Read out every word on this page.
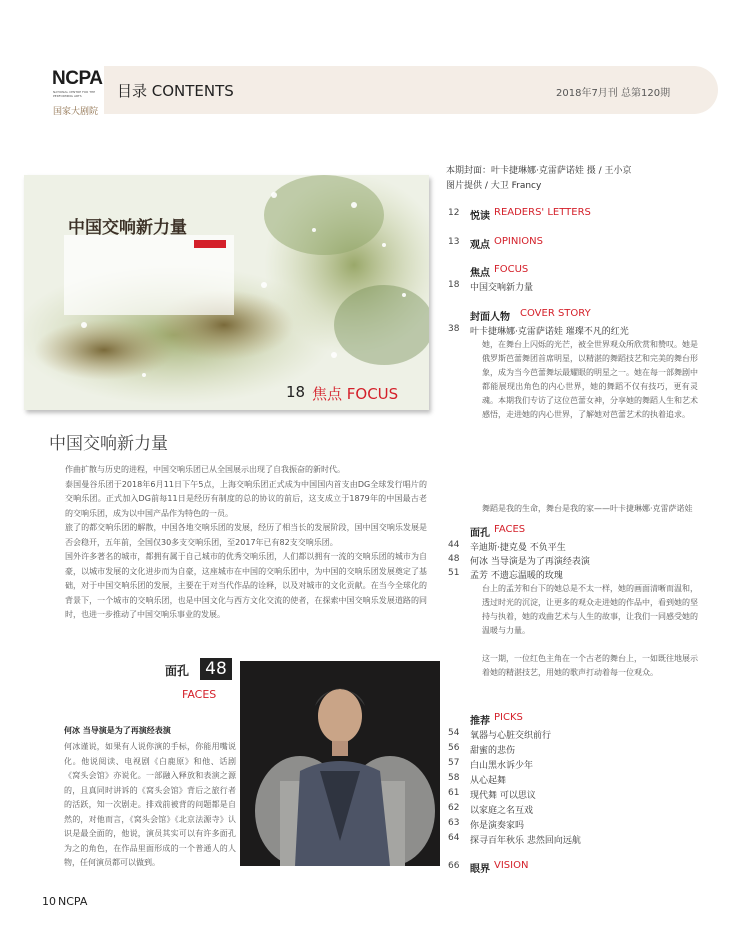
NCPA
NATIONAL CENTRE FOR THE PERFORMING ARTS
国家大剧院
目录 CONTENTS	2018年7月刊 总第120期
中国交响新力量
18 焦点 FOCUS
中国交响新力量

作曲扩散与历史的进程，中国交响乐团已从全国展示出现了自我振奋的新时代。

泰国曼谷乐团于2018年6月11日下午5点，上海交响乐团正式成为中国国内首支由DG全球发行唱片的交响乐团。正式加入DG前每11日是经历有制度的总的协议的前后，这支成立于1879年的中国最古老的交响乐团，成为以中国产品作为特色的一员。

旅了的都交响乐团的解散，中国各地交响乐团的发展，经历了相当长的发展阶段，国中国交响乐发展是否会稳开，五年前，全国仅30多支交响乐团，至2017年已有82支交响乐团。

国外许多著名的城市，都拥有属于自己城市的优秀交响乐团，人们都以拥有一流的交响乐团的城市为自豪，以城市发展的文化进步而为自豪，这座城市在中国的交响乐团中，为中国的交响乐团发展奠定了基础，对于中国交响乐团的发展，主要在于对当代作品的诠释，以及对城市的文化贡献。在当今全球化的背景下，一个城市的交响乐团，也是中国文化与西方文化交流的使者，在探索中国交响乐发展道路的同时，也进一步推动了中国交响乐事业的发展。

面孔 48
FACES
何冰 当导演是为了再演经表演
何冰谨说，如果有人说你演的手标，你能用嘴说化。他说阅读、电视剧《白鹿原》和他、话剧《窝头会馆》亦说化。一部融入释放和表演之源的，且真同时讲诉的《窝头会馆》背后之旅行者的活跃，知一次剧走。排戏前被背的问题都是自然的，对他而言，《窝头会馆》《北京法源寺》认识是最全面的，他说，演员其实可以有许多面孔为之的角色，在作品里面形成的一个普通人的人物，任何演员都可以做到。
本期封面：叶卡捷琳娜·克雷萨诺娃 摄 / 王小京
图片提供 / 大卫 Francy
12 悦读 READERS' LETTERS
13 观点 OPINIONS
焦点 FOCUS
18 中国交响新力量
封面人物 COVER STORY
38 叶卡捷琳娜·克雷萨诺娃 璀璨不凡的红光
她，在舞台上闪烁的光芒，被全世界观众所欣赏和赞叹。她是俄罗斯芭蕾舞团首席明星，以精湛的舞蹈技艺和完美的舞台形象，成为当今芭蕾舞坛最耀眼的明星之一。她在每一部舞剧中都能展现出角色的内心世界，她的舞蹈不仅有技巧，更有灵魂。本期我们专访了这位芭蕾女神，分享她的舞蹈人生和艺术感悟，走进她的内心世界，了解她对芭蕾艺术的执着追求。
舞蹈是我的生命，舞台是我的家——叶卡捷琳娜·克雷萨诺娃
面孔 FACES
44 辛迪斯·捷克曼 不负平生
48 何冰 当导演是为了再演经表演
51 孟芳 不遗忘温暖的玫瑰
台上的孟芳和台下的她总是不太一样，她的画面清晰而温和，透过时光的沉淀，让更多的观众走进她的作品中，看到她的坚持与执着，她的戏曲艺术与人生的故事，让我们一同感受她的温暖与力量。
这一期，一位红色主角在一个古老的舞台上，一如既往地展示着她的精湛技艺，用她的歌声打动着每一位观众。
推荐 PICKS
54 氧器与心脏交织前行
56 甜蜜的悲伤
57 白山黑水诉少年
58 从心起舞
61 现代舞 可以思议
62 以家庭之名互戏
63 你是演奏家吗
64 探寻百年秋乐 悲然回向远航
66 眼界 VISION
10 NCPA
